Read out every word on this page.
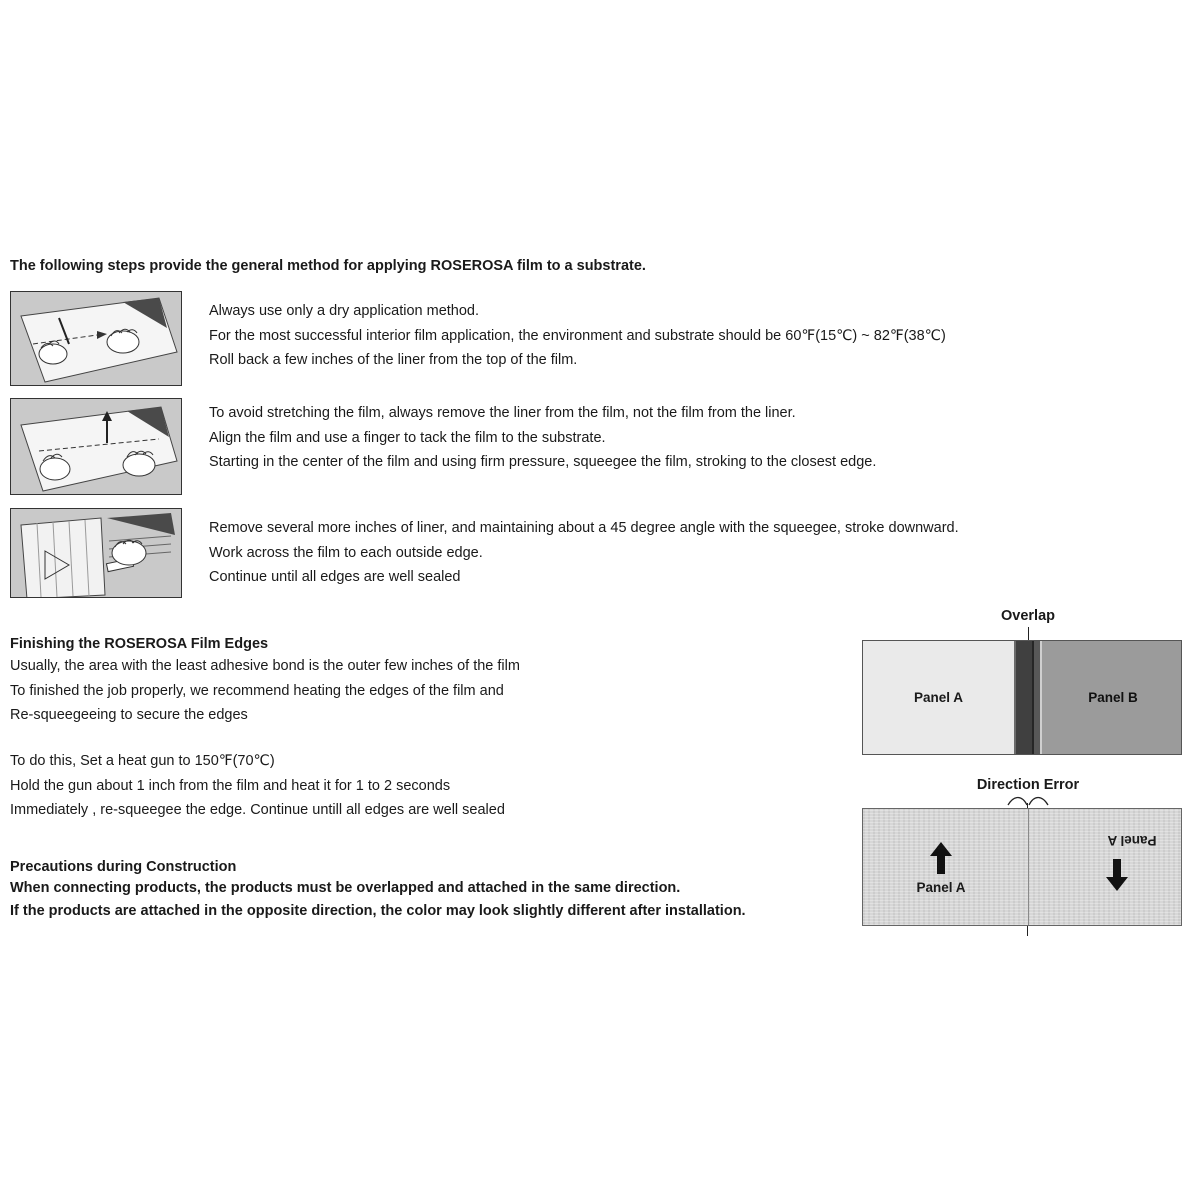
The following steps provide the general method for applying ROSEROSA film to a substrate.
Always use only a dry application method.
For the most successful interior film application, the environment and substrate should be 60℉(15℃) ~ 82℉(38℃)
Roll back a few inches of the liner from the top of the film.
To avoid stretching the film, always remove the liner from the film, not the film from the liner.
Align the film and use a finger to tack the film to the substrate.
Starting in the center of the film and using firm pressure, squeegee the film, stroking to the closest edge.
Remove several more inches of liner, and maintaining about a 45 degree angle with the squeegee, stroke downward.
Work across the film to each outside edge.
Continue until all edges are well sealed
Finishing the ROSEROSA Film Edges
Usually, the area with the least adhesive bond is the outer few inches of the film
To finished the job properly, we recommend heating the edges of the film and
Re-squeegeeing to secure the edges
To do this, Set a heat gun to 150℉(70℃)
Hold the gun about 1 inch from the film and heat it for 1 to 2 seconds
Immediately , re-squeegee the edge. Continue untill all edges are well sealed
Precautions during Construction
When connecting products, the products must be overlapped and attached in the same direction.
If the products are attached in the opposite direction, the color may look slightly different after installation.
Overlap
Panel A	Panel B
Direction Error
Panel A
Panel A
